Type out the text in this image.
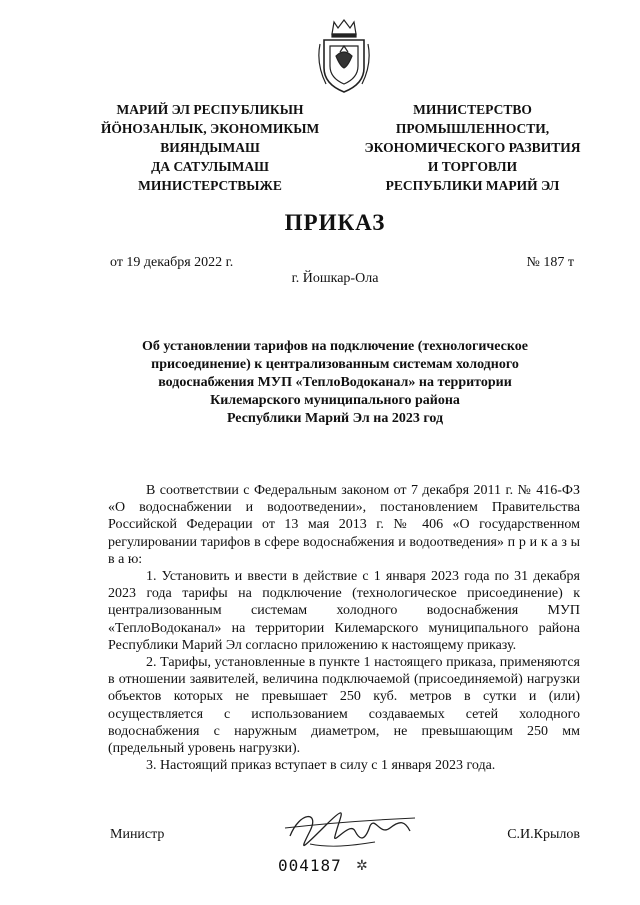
МАРИЙ ЭЛ РЕСПУБЛИКЫН
ЙӦНОЗАНЛЫК, ЭКОНОМИКЫМ
ВИЯНДЫМАШ
ДА САТУЛЫМАШ
МИНИСТЕРСТВЫЖЕ
МИНИСТЕРСТВО
ПРОМЫШЛЕННОСТИ,
ЭКОНОМИЧЕСКОГО РАЗВИТИЯ
И ТОРГОВЛИ
РЕСПУБЛИКИ МАРИЙ ЭЛ
ПРИКАЗ
от 19 декабря 2022 г.	№ 187 т
г. Йошкар-Ола
Об установлении тарифов на подключение (технологическое
присоединение) к централизованным системам холодного
водоснабжения МУП «ТеплоВодоканал» на территории
Килемарского муниципального района
Республики Марий Эл на 2023 год

В соответствии с Федеральным законом от 7 декабря 2011 г. № 416-ФЗ «О водоснабжении и водоотведении», постановлением Правительства Российской Федерации от 13 мая 2013 г. № 406 «О государственном регулировании тарифов в сфере водоснабжения и водоотведения» п р и к а з ы в а ю:

1. Установить и ввести в действие с 1 января 2023 года по 31 декабря 2023 года тарифы на подключение (технологическое присоединение) к централизованным системам холодного водоснабжения МУП «ТеплоВодоканал» на территории Килемарского муниципального района Республики Марий Эл согласно приложению к настоящему приказу.

2. Тарифы, установленные в пункте 1 настоящего приказа, применяются в отношении заявителей, величина подключаемой (присоединяемой) нагрузки объектов которых не превышает 250 куб. метров в сутки и (или) осуществляется с использованием создаваемых сетей холодного водоснабжения с наружным диаметром, не превышающим 250 мм (предельный уровень нагрузки).

3. Настоящий приказ вступает в силу с 1 января 2023 года.

Министр	С.И.Крылов
004187 ✲
